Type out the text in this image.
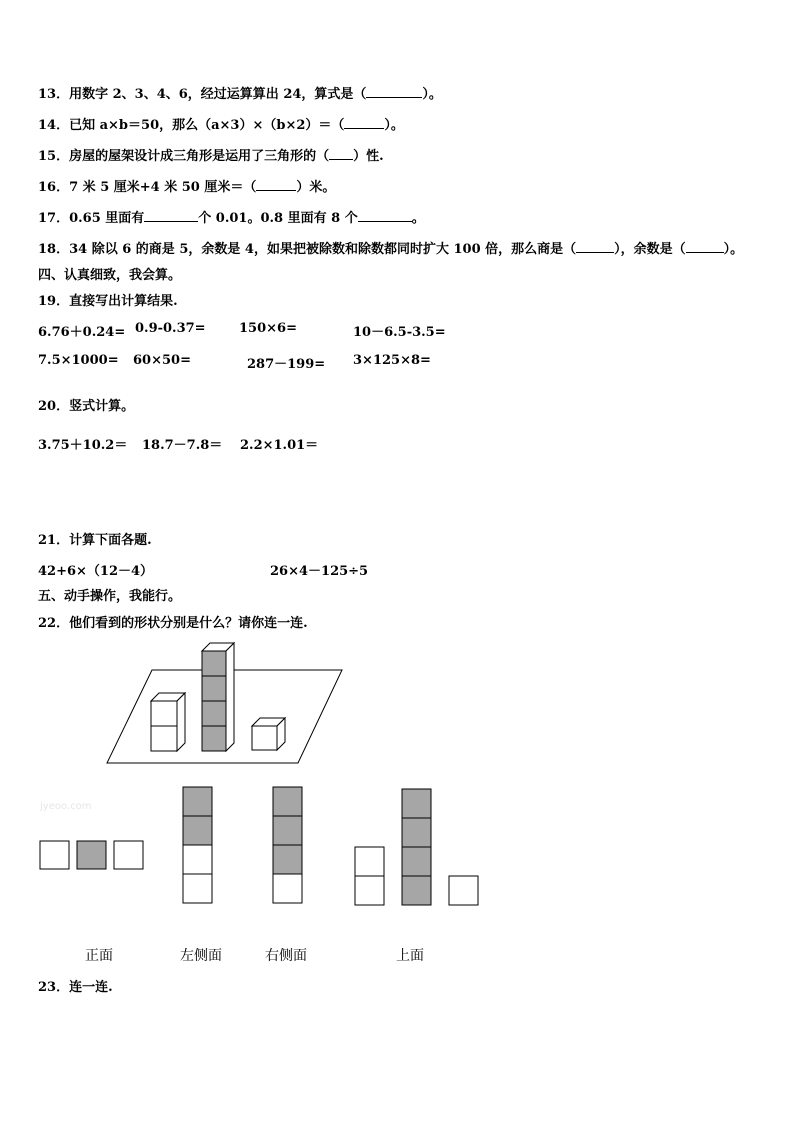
13．用数字 2、3、4、6，经过运算算出 24，算式是（	）。
14．已知 a×b＝50，那么（a×3）×（b×2）＝（	）。
15．房屋的屋架设计成三角形是运用了三角形的（ ）性.
16．7 米 5 厘米+4 米 50 厘米＝（	）米。
17．0.65 里面有	个 0.01。0.8 里面有 8 个	。
18．34 除以 6 的商是 5，余数是 4，如果把被除数和除数都同时扩大 100 倍，那么商是（	），余数是（	）。
四、认真细致，我会算。
19．直接写出计算结果.
6.76＋0.24= 0.9-0.37=	150×6=	10－6.5-3.5=
7.5×1000= 60×50=	287－199= 3×125×8=
20．竖式计算。
3.75＋10.2＝ 18.7－7.8＝ 2.2×1.01＝
21．计算下面各题.
42+6×（12－4）	26×4－125÷5
五、动手操作，我能行。
22．他们看到的形状分别是什么？请你连一连.
jyeoo.com
正面	左侧面	右侧面	上面
23．连一连.
